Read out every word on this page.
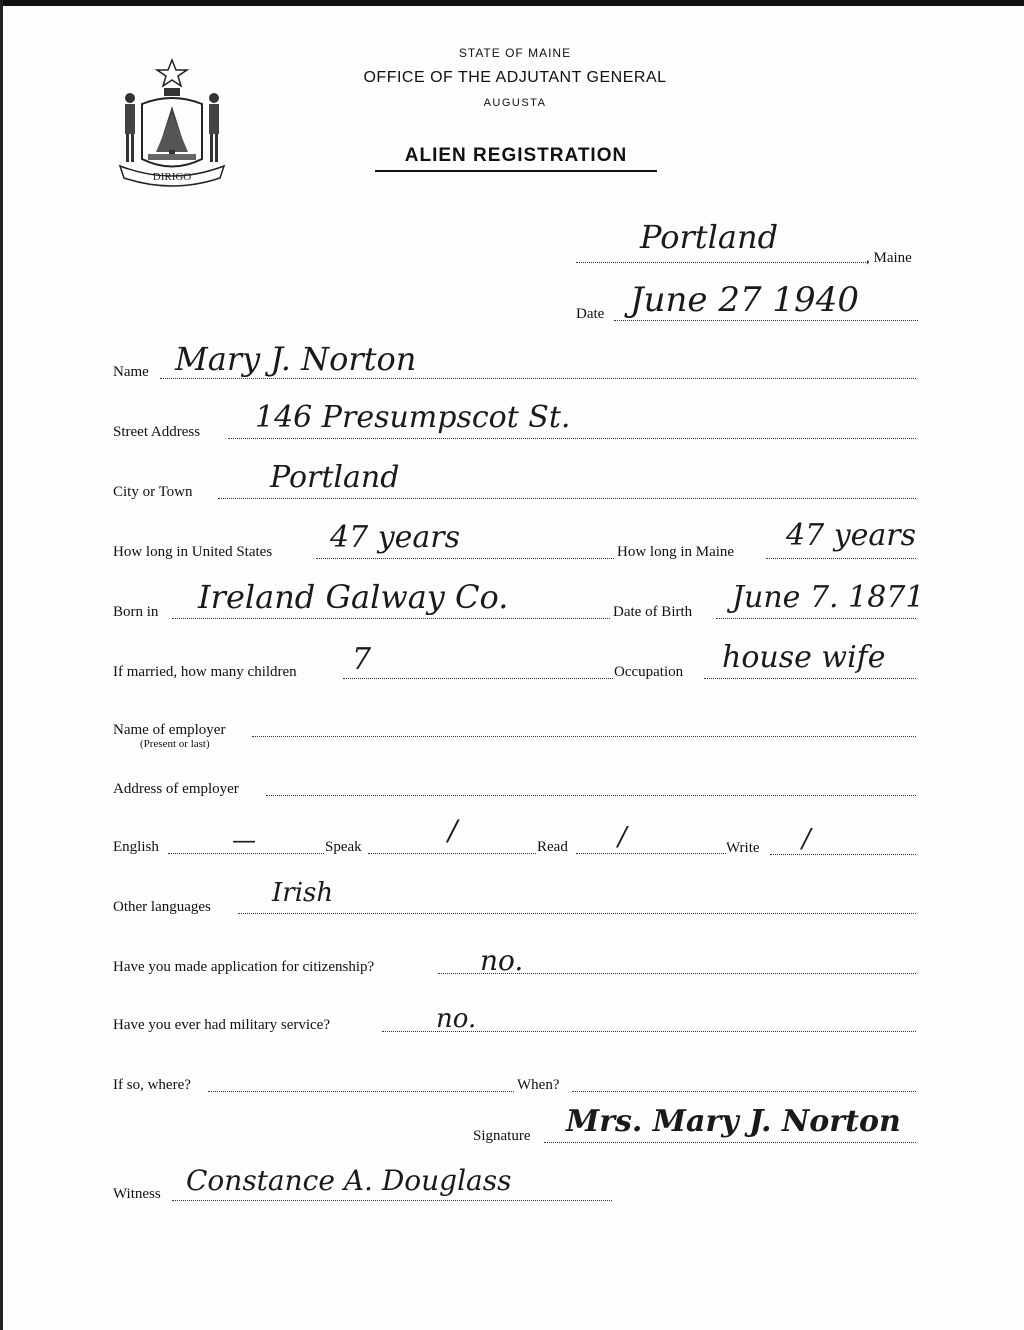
DIRIGO
STATE OF MAINE
OFFICE OF THE ADJUTANT GENERAL
AUGUSTA
ALIEN REGISTRATION
Portland
, Maine
Date June 27 1940
Name Mary J. Norton
Street Address 146 Presumpscot St.
City or Town	Portland
How long in United States 47 years	How long in Maine 47 years
Born in Ireland Galway Co.	Date of Birth June 7. 1871
If married, how many children 7	Occupation house wife
Name of employer
(Present or last)
Address of employer
English	—	Speak	/	Read /	Write /
Other languages Irish
Have you made application for citizenship?	no.
Have you ever had military service?	no.
If so, where?	When?
Signature Mrs. Mary J. Norton
Witness Constance A. Douglass
